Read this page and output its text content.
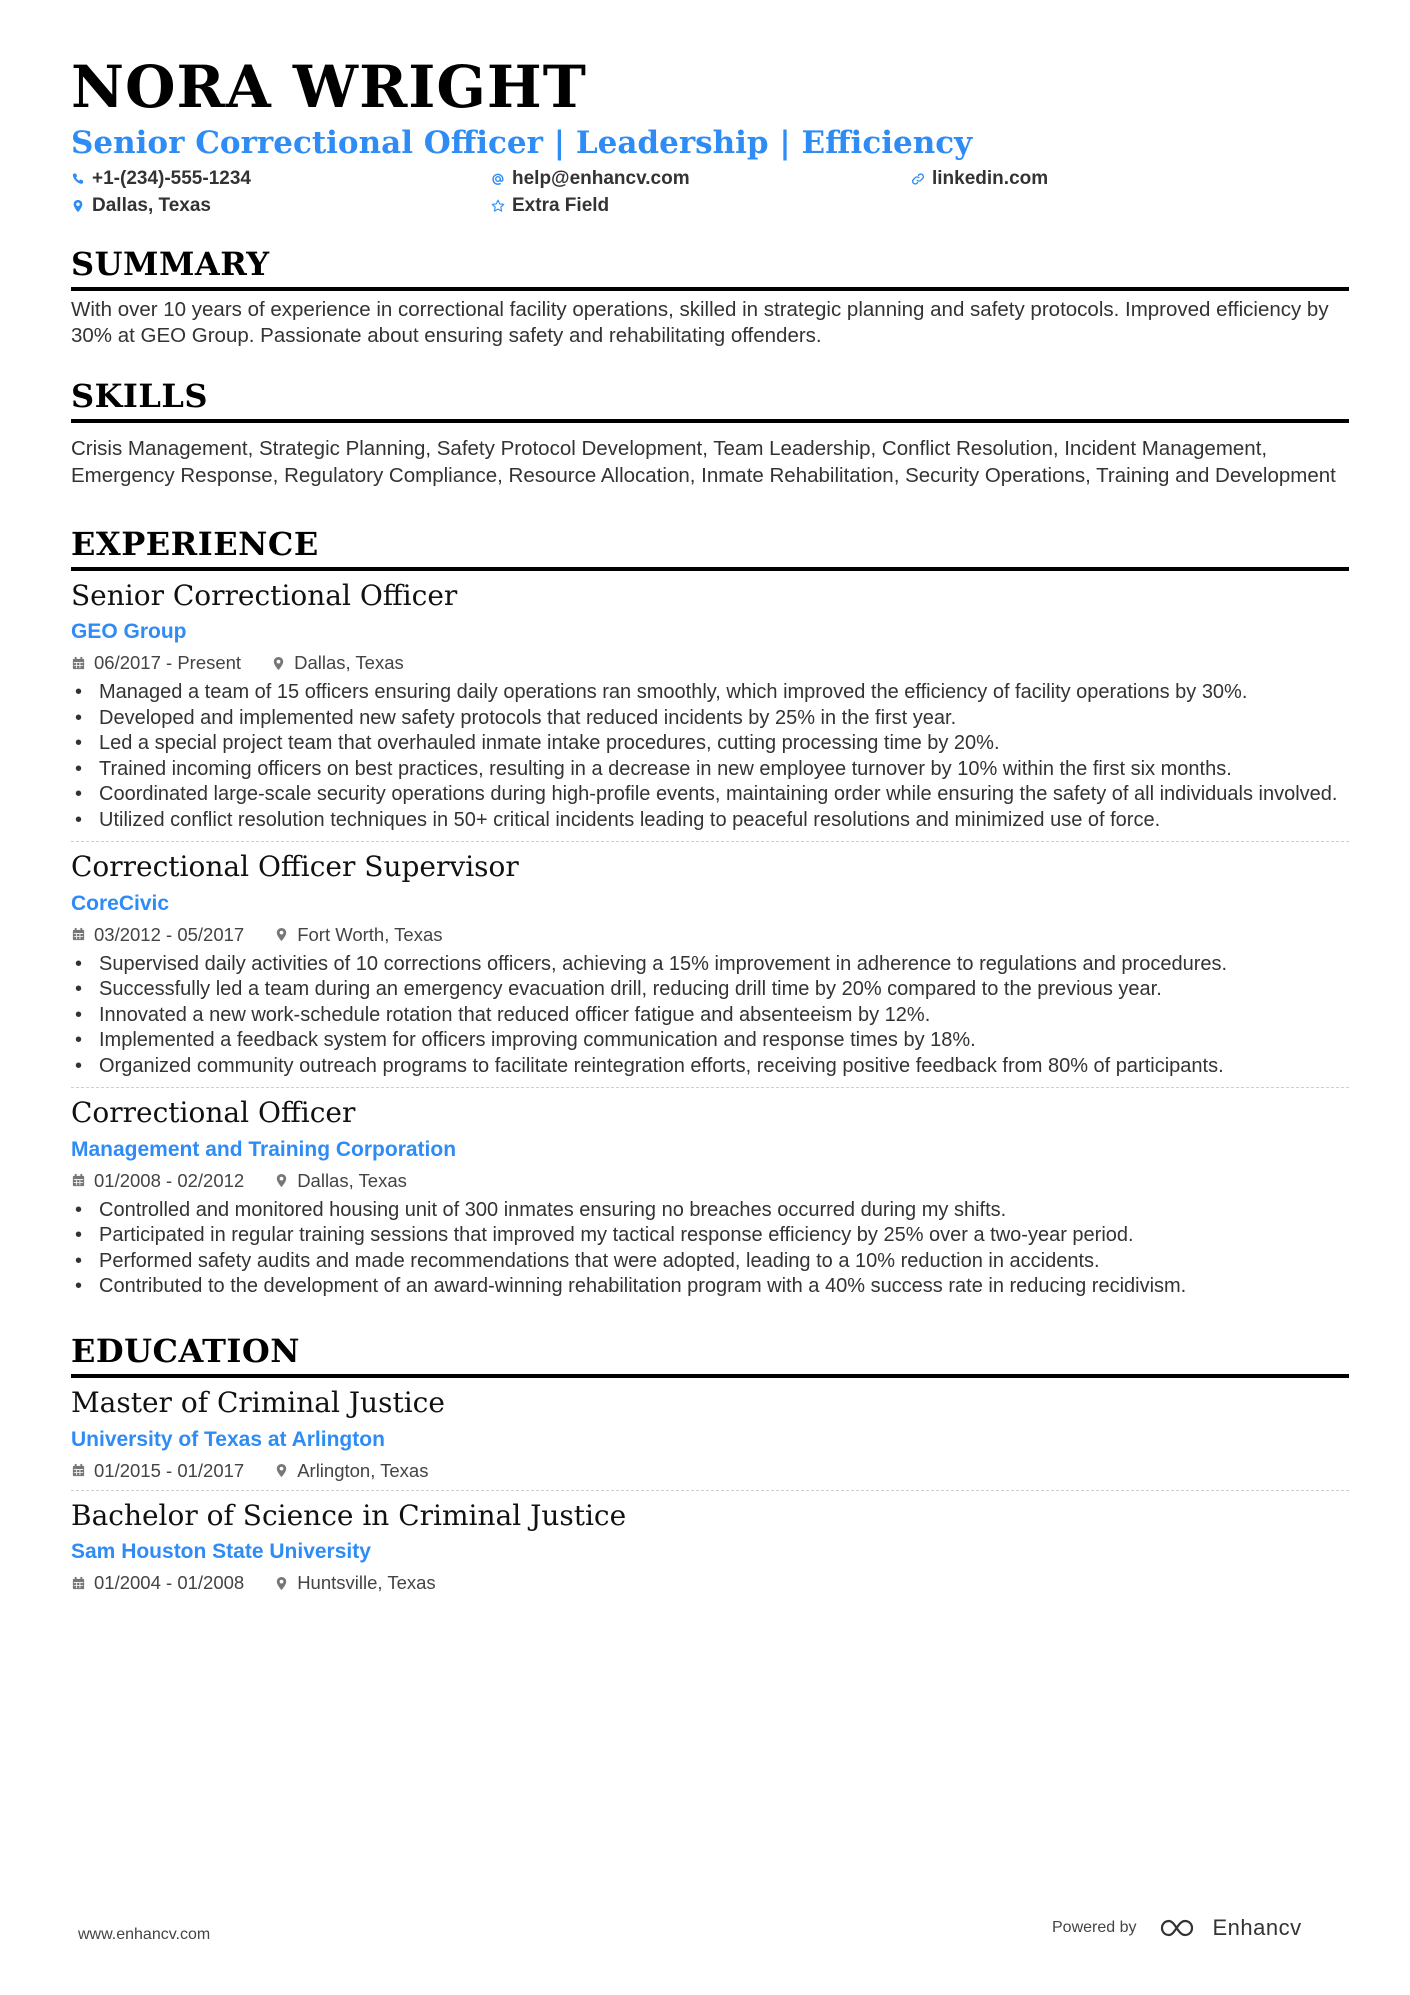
NORA WRIGHT
Senior Correctional Officer | Leadership | Efficiency
+1-(234)-555-1234	help@enhancv.com	linkedin.com
Dallas, Texas	Extra Field
SUMMARY
With over 10 years of experience in correctional facility operations, skilled in strategic planning and safety protocols. Improved efficiency by 30% at GEO Group. Passionate about ensuring safety and rehabilitating offenders.
SKILLS
Crisis Management, Strategic Planning, Safety Protocol Development, Team Leadership, Conflict Resolution, Incident Management, Emergency Response, Regulatory Compliance, Resource Allocation, Inmate Rehabilitation, Security Operations, Training and Development
EXPERIENCE
Senior Correctional Officer
GEO Group
06/2017 - Present	Dallas, Texas
• Managed a team of 15 officers ensuring daily operations ran smoothly, which improved the efficiency of facility operations by 30%.
• Developed and implemented new safety protocols that reduced incidents by 25% in the first year.
• Led a special project team that overhauled inmate intake procedures, cutting processing time by 20%.
• Trained incoming officers on best practices, resulting in a decrease in new employee turnover by 10% within the first six months.
• Coordinated large-scale security operations during high-profile events, maintaining order while ensuring the safety of all individuals involved.
• Utilized conflict resolution techniques in 50+ critical incidents leading to peaceful resolutions and minimized use of force.
Correctional Officer Supervisor
CoreCivic
03/2012 - 05/2017	Fort Worth, Texas
• Supervised daily activities of 10 corrections officers, achieving a 15% improvement in adherence to regulations and procedures.
• Successfully led a team during an emergency evacuation drill, reducing drill time by 20% compared to the previous year.
• Innovated a new work-schedule rotation that reduced officer fatigue and absenteeism by 12%.
• Implemented a feedback system for officers improving communication and response times by 18%.
• Organized community outreach programs to facilitate reintegration efforts, receiving positive feedback from 80% of participants.
Correctional Officer
Management and Training Corporation
01/2008 - 02/2012	Dallas, Texas
• Controlled and monitored housing unit of 300 inmates ensuring no breaches occurred during my shifts.
• Participated in regular training sessions that improved my tactical response efficiency by 25% over a two-year period.
• Performed safety audits and made recommendations that were adopted, leading to a 10% reduction in accidents.
• Contributed to the development of an award-winning rehabilitation program with a 40% success rate in reducing recidivism.
EDUCATION
Master of Criminal Justice
University of Texas at Arlington
01/2015 - 01/2017	Arlington, Texas
Bachelor of Science in Criminal Justice
Sam Houston State University
01/2004 - 01/2008	Huntsville, Texas
www.enhancv.com	Powered by	Enhancv
